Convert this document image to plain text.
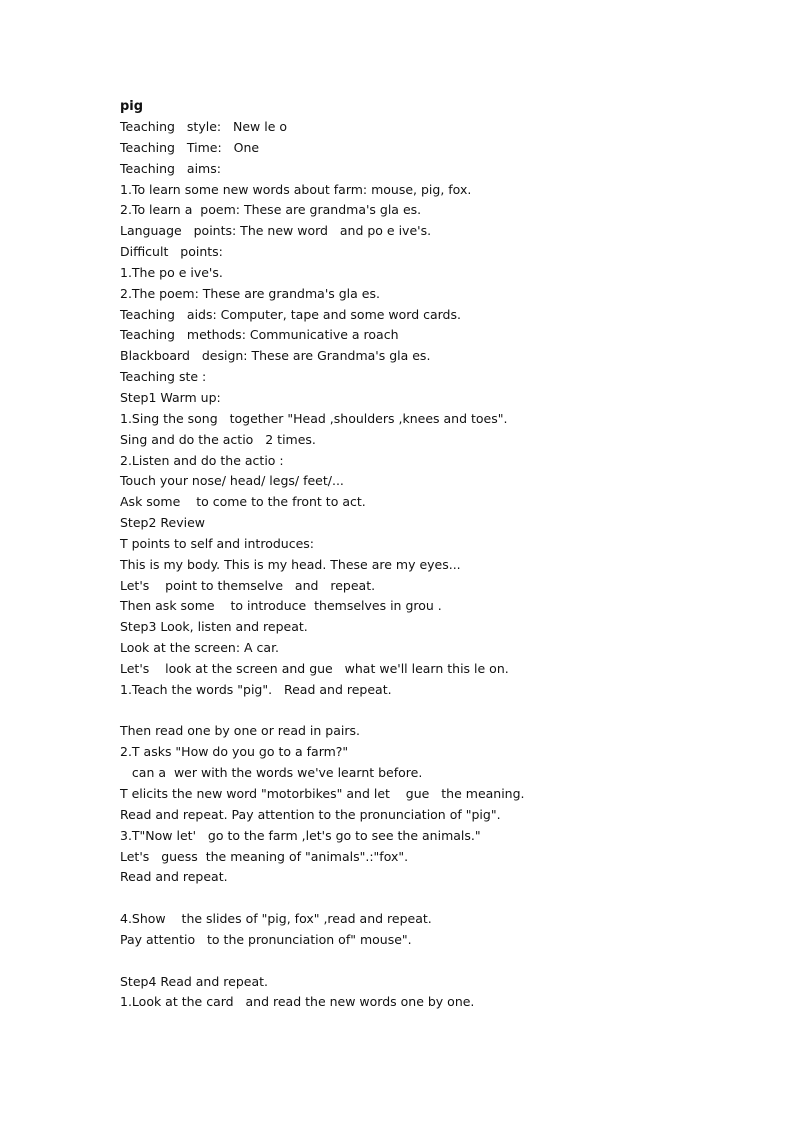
pig
Teaching   style:   New le o
Teaching   Time:   One
Teaching   aims:
1.To learn some new words about farm: mouse, pig, fox.
2.To learn a  poem: These are grandma's gla es.
Language   points: The new word   and po e ive's.
Difficult   points:
1.The po e ive's.
2.The poem: These are grandma's gla es.
Teaching   aids: Computer, tape and some word cards.
Teaching   methods: Communicative a roach
Blackboard   design: These are Grandma's gla es.
Teaching ste :
Step1 Warm up:
1.Sing the song   together "Head ,shoulders ,knees and toes".
Sing and do the actio   2 times.
2.Listen and do the actio :
Touch your nose/ head/ legs/ feet/...
Ask some    to come to the front to act.
Step2 Review
T points to self and introduces:
This is my body. This is my head. These are my eyes...
Let's    point to themselve   and   repeat.
Then ask some    to introduce  themselves in grou .
Step3 Look, listen and repeat.
Look at the screen: A car.
Let's    look at the screen and gue   what we'll learn this le on.
1.Teach the words "pig".   Read and repeat.
Then read one by one or read in pairs.
2.T asks "How do you go to a farm?"
can a  wer with the words we've learnt before.
T elicits the new word "motorbikes" and let    gue   the meaning.
Read and repeat. Pay attention to the pronunciation of "pig".
3.T"Now let'   go to the farm ,let's go to see the animals."
Let's   guess  the meaning of "animals".:"fox".
Read and repeat.
4.Show    the slides of "pig, fox" ,read and repeat.
Pay attentio   to the pronunciation of" mouse".
Step4 Read and repeat.
1.Look at the card   and read the new words one by one.
